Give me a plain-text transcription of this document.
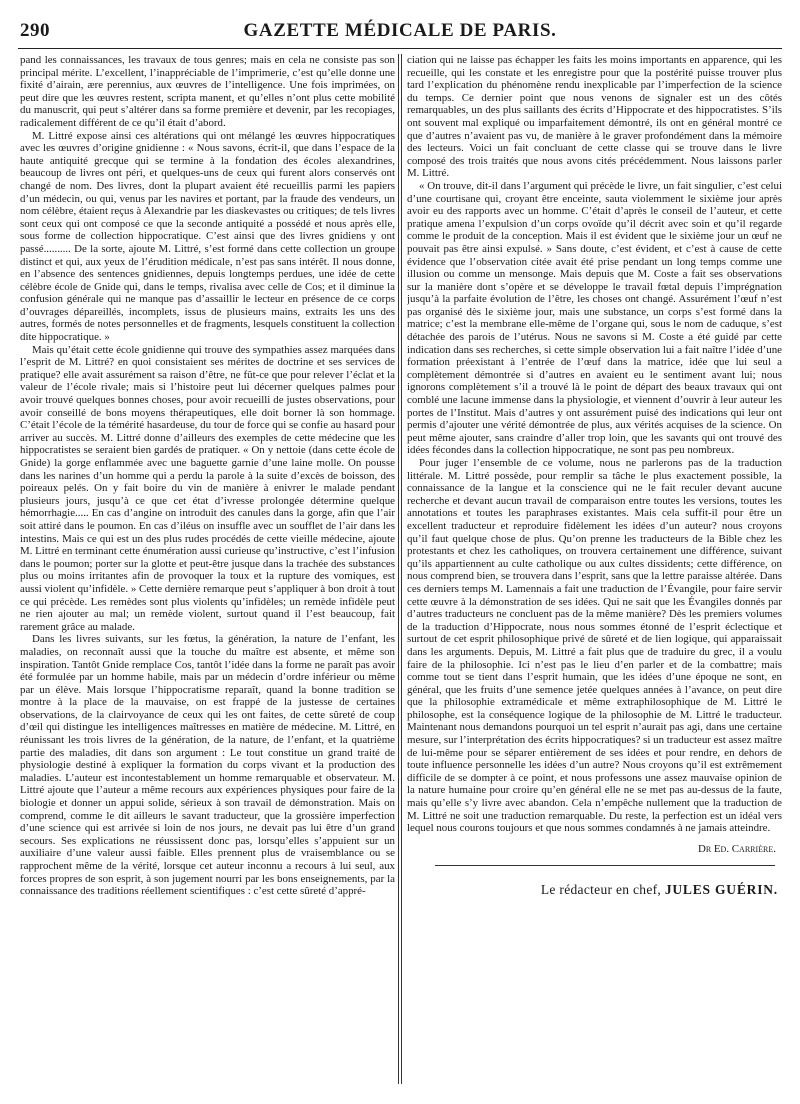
290	GAZETTE MÉDICALE DE PARIS.

pand les connaissances, les travaux de tous genres; mais en cela ne consiste pas son principal mérite. L’excellent, l’inappréciable de l’imprimerie, c’est qu’elle donne une fixité d’airain, ære perennius, aux œuvres de l’intelligence. Une fois imprimées, on peut dire que les œuvres restent, scripta manent, et qu’elles n’ont plus cette mobilité du manuscrit, qui peut s’altérer dans sa forme première et devenir, par les recopiages, radicalement différent de ce qu’il était d’abord.

M. Littré expose ainsi ces altérations qui ont mélangé les œuvres hippocratiques avec les œuvres d’origine gnidienne : « Nous savons, écrit-il, que dans l’espace de la haute antiquité grecque qui se termine à la fondation des écoles alexandrines, beaucoup de livres ont péri, et quelques-uns de ceux qui furent alors conservés ont changé de nom. Des livres, dont la plupart avaient été recueillis parmi les papiers d’un médecin, ou qui, venus par les navires et portant, par la fraude des vendeurs, un nom célèbre, étaient reçus à Alexandrie par les diaskevastes ou critiques; de tels livres sont ceux qui ont composé ce que la seconde antiquité a possédé et nous après elle, sous forme de collection hippocratique. C’est ainsi que des livres gnidiens y ont passé.......... De la sorte, ajoute M. Littré, s’est formé dans cette collection un groupe distinct et qui, aux yeux de l’érudition médicale, n’est pas sans intérêt. Il nous donne, en l’absence des sentences gnidiennes, depuis longtemps perdues, une idée de cette célèbre école de Gnide qui, dans le temps, rivalisa avec celle de Cos; et il diminue la confusion générale qui ne manque pas d’assaillir le lecteur en présence de ce corps d’ouvrages dépareillés, incomplets, issus de plusieurs mains, extraits les uns des autres, formés de notes personnelles et de fragments, lesquels constituent la collection dite hippocratique. »

Mais qu’était cette école gnidienne qui trouve des sympathies assez marquées dans l’esprit de M. Littré? en quoi consistaient ses mérites de doctrine et ses services de pratique? elle avait assurément sa raison d’être, ne fût-ce que pour relever l’éclat et la valeur de l’école rivale; mais si l’histoire peut lui décerner quelques palmes pour avoir trouvé quelques bonnes choses, pour avoir recueilli de justes observations, pour avoir conseillé de bons moyens thérapeutiques, elle doit borner là son hommage. C’était l’école de la témérité hasardeuse, du tour de force qui se confie au hasard pour arriver au succès. M. Littré donne d’ailleurs des exemples de cette médecine que les hippocratistes se seraient bien gardés de pratiquer. « On y nettoie (dans cette école de Gnide) la gorge enflammée avec une baguette garnie d’une laine molle. On pousse dans les narines d’un homme qui a perdu la parole à la suite d’excès de boisson, des poireaux pelés. On y fait boire du vin de manière à enivrer le malade pendant plusieurs jours, jusqu’à ce que cet état d’ivresse prolongée détermine quelque hémorrhagie..... En cas d’angine on introduit des canules dans la gorge, afin que l’air soit attiré dans le poumon. En cas d’iléus on insuffle avec un soufflet de l’air dans les intestins. Mais ce qui est un des plus rudes procédés de cette vieille médecine, ajoute M. Littré en terminant cette énumération aussi curieuse qu’instructive, c’est l’infusion dans le poumon; porter sur la glotte et peut-être jusque dans la trachée des substances plus ou moins irritantes afin de provoquer la toux et la rupture des vomiques, est aussi violent qu’infidèle. » Cette dernière remarque peut s’appliquer à bon droit à tout ce qui précède. Les remèdes sont plus violents qu’infidèles; un remède infidèle peut ne rien ajouter au mal; un remède violent, surtout quand il l’est beaucoup, fait rarement grâce au malade.

Dans les livres suivants, sur les fœtus, la génération, la nature de l’enfant, les maladies, on reconnaît aussi que la touche du maître est absente, et même son inspiration. Tantôt Gnide remplace Cos, tantôt l’idée dans la forme ne paraît pas avoir été formulée par un homme habile, mais par un médecin d’ordre inférieur ou même par un élève. Mais lorsque l’hippocratisme reparaît, quand la bonne tradition se montre à la place de la mauvaise, on est frappé de la justesse de certaines observations, de la clairvoyance de ceux qui les ont faites, de cette sûreté de coup d’œil qui distingue les intelligences maîtresses en matière de médecine. M. Littré, en réunissant les trois livres de la génération, de la nature, de l’enfant, et la quatrième partie des maladies, dit dans son argument : Le tout constitue un grand traité de physiologie destiné à expliquer la formation du corps vivant et la production des maladies. L’auteur est incontestablement un homme remarquable et observateur. M. Littré ajoute que l’auteur a même recours aux expériences physiques pour faire de la biologie et donner un appui solide, sérieux à son travail de démonstration. Mais on comprend, comme le dit ailleurs le savant traducteur, que la grossière imperfection d’une science qui est arrivée si loin de nos jours, ne devait pas lui être d’un grand secours. Ses explications ne réussissent donc pas, lorsqu’elles s’appuient sur un auxiliaire d’une valeur aussi faible. Elles prennent plus de vraisemblance ou se rapprochent même de la vérité, lorsque cet auteur inconnu a recours à lui seul, aux forces propres de son esprit, à son jugement nourri par les bons enseignements, par la connaissance des traditions réellement scientifiques : c’est cette sûreté d’appré-

ciation qui ne laisse pas échapper les faits les moins importants en apparence, qui les recueille, qui les constate et les enregistre pour que la postérité puisse trouver plus tard l’explication du phénomène rendu inexplicable par l’imperfection de la science du temps. Ce dernier point que nous venons de signaler est un des côtés remarquables, un des plus saillants des écrits d’Hippocrate et des hippocratistes. S’ils ont souvent mal expliqué ou imparfaitement démontré, ils ont en général montré ce que d’autres n’avaient pas vu, de manière à le graver profondément dans la mémoire des lecteurs. Voici un fait concluant de cette classe qui se trouve dans le livre composé des trois traités que nous avons cités précédemment. Nous laissons parler M. Littré.

« On trouve, dit-il dans l’argument qui précède le livre, un fait singulier, c’est celui d’une courtisane qui, croyant être enceinte, sauta violemment le sixième jour après avoir eu des rapports avec un homme. C’était d’après le conseil de l’auteur, et cette pratique amena l’expulsion d’un corps ovoïde qu’il décrit avec soin et qu’il regarde comme le produit de la conception. Mais il est évident que le sixième jour un œuf ne pouvait pas être ainsi expulsé. » Sans doute, c’est évident, et c’est à cause de cette évidence que l’observation citée avait été prise pendant un long temps comme une illusion ou comme un mensonge. Mais depuis que M. Coste a fait ses observations sur la manière dont s’opère et se développe le travail fœtal depuis l’imprégnation jusqu’à la parfaite évolution de l’être, les choses ont changé. Assurément l’œuf n’est pas organisé dès le sixième jour, mais une substance, un corps s’est formé dans la matrice; c’est la membrane elle-même de l’organe qui, sous le nom de caduque, s’est détachée des parois de l’utérus. Nous ne savons si M. Coste a été guidé par cette indication dans ses recherches, si cette simple observation lui a fait naître l’idée d’une formation préexistant à l’entrée de l’œuf dans la matrice, idée que lui seul a complètement démontrée si d’autres en avaient eu le sentiment avant lui; nous ignorons complètement s’il a trouvé là le point de départ des beaux travaux qui ont comblé une lacune immense dans la physiologie, et viennent d’ouvrir à leur auteur les portes de l’Institut. Mais d’autres y ont assurément puisé des indications qui leur ont permis d’ajouter une vérité démontrée de plus, aux vérités acquises de la science. On peut même ajouter, sans craindre d’aller trop loin, que les savants qui ont trouvé des idées fécondes dans la collection hippocratique, ne sont pas peu nombreux.

Pour juger l’ensemble de ce volume, nous ne parlerons pas de la traduction littérale. M. Littré possède, pour remplir sa tâche le plus exactement possible, la connaissance de la langue et la conscience qui ne le fait reculer devant aucune recherche et devant aucun travail de comparaison entre toutes les versions, toutes les annotations et toutes les paraphrases existantes. Mais cela suffit-il pour être un excellent traducteur et reproduire fidèlement les idées d’un auteur? nous croyons qu’il faut quelque chose de plus. Qu’on prenne les traducteurs de la Bible chez les protestants et chez les catholiques, on trouvera certainement une différence, suivant qu’ils appartiennent au culte catholique ou aux cultes dissidents; cette différence, on nous comprend bien, se trouvera dans l’esprit, sans que la lettre paraisse altérée. Dans ces derniers temps M. Lamennais a fait une traduction de l’Évangile, pour faire servir cette œuvre à la démonstration de ses idées. Qui ne sait que les Évangiles donnés par d’autres traducteurs ne concluent pas de la même manière? Dès les premiers volumes de la traduction d’Hippocrate, nous nous sommes étonné de l’esprit éclectique et surtout de cet esprit philosophique privé de sûreté et de lien logique, qui apparaissait dans les arguments. Depuis, M. Littré a fait plus que de traduire du grec, il a voulu faire de la philosophie. Ici n’est pas le lieu d’en parler et de la combattre; mais comme tout se tient dans l’esprit humain, que les idées d’une époque ne sont, en général, que les fruits d’une semence jetée quelques années à l’avance, on peut dire que la philosophie extramédicale et même extraphilosophique de M. Littré le philosophe, est la conséquence logique de la philosophie de M. Littré le traducteur. Maintenant nous demandons pourquoi un tel esprit n’aurait pas agi, dans une certaine mesure, sur l’interprétation des écrits hippocratiques? si un traducteur est assez maître de lui-même pour se séparer entièrement de ses idées et pour rendre, en dehors de toute influence personnelle les idées d’un autre? Nous croyons qu’il est extrêmement difficile de se dompter à ce point, et nous professons une assez mauvaise opinion de la nature humaine pour croire qu’en général elle ne se met pas au-dessus de la faute, mais qu’elle s’y livre avec abandon. Cela n’empêche nullement que la traduction de M. Littré ne soit une traduction remarquable. Du reste, la perfection est un idéal vers lequel nous courons toujours et que nous sommes condamnés à ne jamais atteindre.

Dr Ed. Carrière.
Le rédacteur en chef, JULES GUÉRIN.
